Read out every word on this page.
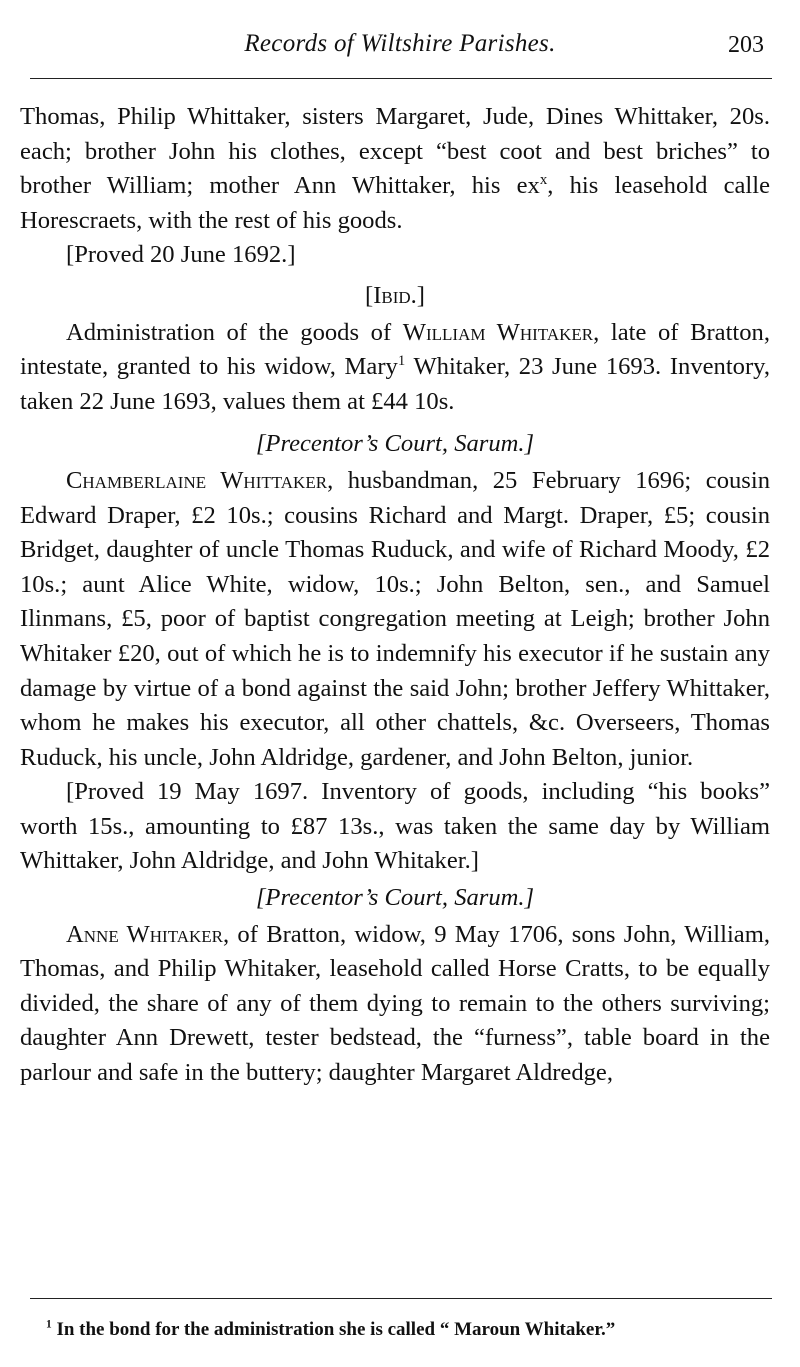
Records of Wiltshire Parishes.	203

Thomas, Philip Whittaker, sisters Margaret, Jude, Dines Whittaker, 20s. each; brother John his clothes, except “best coot and best briches” to brother William; mother Ann Whittaker, his $ex^x$, his leasehold calle Horescraets, with the rest of his goods.

[Proved 20 June 1692.]

[Ibid.]

Administration of the goods of William Whitaker, late of Bratton, intestate, granted to his widow, Mary$^1$ Whitaker, 23 June 1693. Inventory, taken 22 June 1693, values them at £44 10s.

[Precentor’s Court, Sarum.]

Chamberlaine Whittaker, husbandman, 25 February 1696; cousin Edward Draper, £2 10s.; cousins Richard and Margt. Draper, £5; cousin Bridget, daughter of uncle Thomas Ruduck, and wife of Richard Moody, £2 10s.; aunt Alice White, widow, 10s.; John Belton, sen., and Samuel Ilinmans, £5, poor of baptist congregation meeting at Leigh; brother John Whitaker £20, out of which he is to indemnify his executor if he sustain any damage by virtue of a bond against the said John; brother Jeffery Whittaker, whom he makes his executor, all other chattels, &c. Overseers, Thomas Ruduck, his uncle, John Aldridge, gardener, and John Belton, junior.

[Proved 19 May 1697. Inventory of goods, including “his books” worth 15s., amounting to £87 13s., was taken the same day by William Whittaker, John Aldridge, and John Whitaker.]

[Precentor’s Court, Sarum.]

Anne Whitaker, of Bratton, widow, 9 May 1706, sons John, William, Thomas, and Philip Whitaker, leasehold called Horse Cratts, to be equally divided, the share of any of them dying to remain to the others surviving; daughter Ann Drewett, tester bedstead, the “furness”, table board in the parlour and safe in the buttery; daughter Margaret Aldredge,

$^1$ In the bond for the administration she is called “ Maroun Whitaker.”
